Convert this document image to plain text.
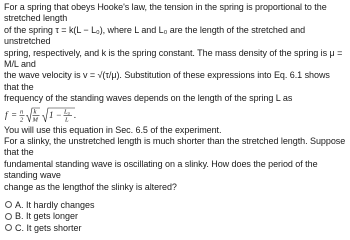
For a spring that obeys Hooke's law, the tension in the spring is proportional to the stretched length
of the spring τ = k(L − L₀), where L and L₀ are the length of the stretched and unstretched
spring, respectively, and k is the spring constant. The mass density of the spring is μ = M/L and
the wave velocity is v = √(τ/μ). Substitution of these expressions into Eq. 6.1 shows that the
frequency of the standing waves depends on the length of the spring L as

f = n
2
k
M 1 − L₀
L .

You will use this equation in Sec. 6.5 of the experiment.
For a slinky, the unstretched length is much shorter than the stretched length. Suppose that the
fundamental standing wave is oscillating on a slinky. How does the period of the standing wave
change as the lengthof the slinky is altered?

A. It hardly changes
B. It gets longer
C. It gets shorter
